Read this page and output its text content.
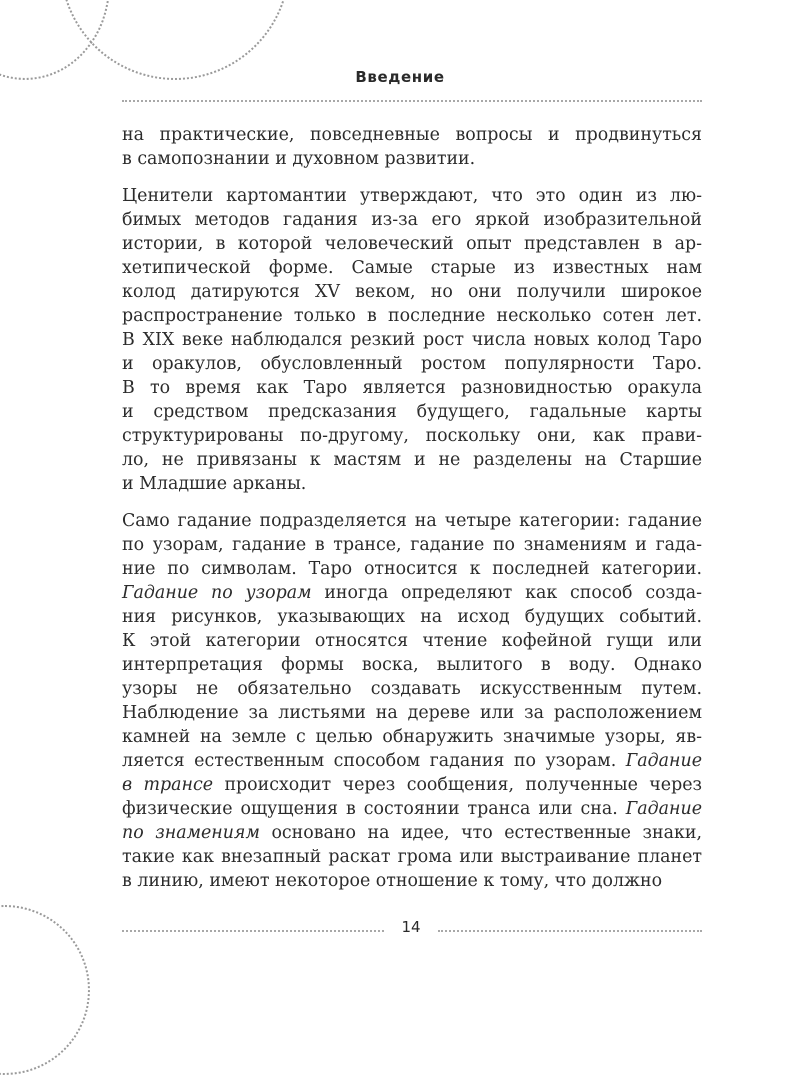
Введение
на практические, повседневные вопросы и продвинуться
в самопознании и духовном развитии.
Ценители картомантии утверждают, что это один из лю-
бимых методов гадания из-за его яркой изобразительной
истории, в которой человеческий опыт представлен в ар-
хетипической форме. Самые старые из известных нам
колод датируются XV веком, но они получили широкое
распространение только в последние несколько сотен лет.
В XIX веке наблюдался резкий рост числа новых колод Таро
и оракулов, обусловленный ростом популярности Таро.
В то время как Таро является разновидностью оракула
и средством предсказания будущего, гадальные карты
структурированы по-другому, поскольку они, как прави-
ло, не привязаны к мастям и не разделены на Старшие
и Младшие арканы.
Само гадание подразделяется на четыре категории: гадание
по узорам, гадание в трансе, гадание по знамениям и гада-
ние по символам. Таро относится к последней категории.
Гадание по узорам иногда определяют как способ созда-
ния рисунков, указывающих на исход будущих событий.
К этой категории относятся чтение кофейной гущи или
интерпретация формы воска, вылитого в воду. Однако
узоры не обязательно создавать искусственным путем.
Наблюдение за листьями на дереве или за расположением
камней на земле с целью обнаружить значимые узоры, яв-
ляется естественным способом гадания по узорам. Гадание
в трансе происходит через сообщения, полученные через
физические ощущения в состоянии транса или сна. Гадание
по знамениям основано на идее, что естественные знаки,
такие как внезапный раскат грома или выстраивание планет
в линию, имеют некоторое отношение к тому, что должно
14
